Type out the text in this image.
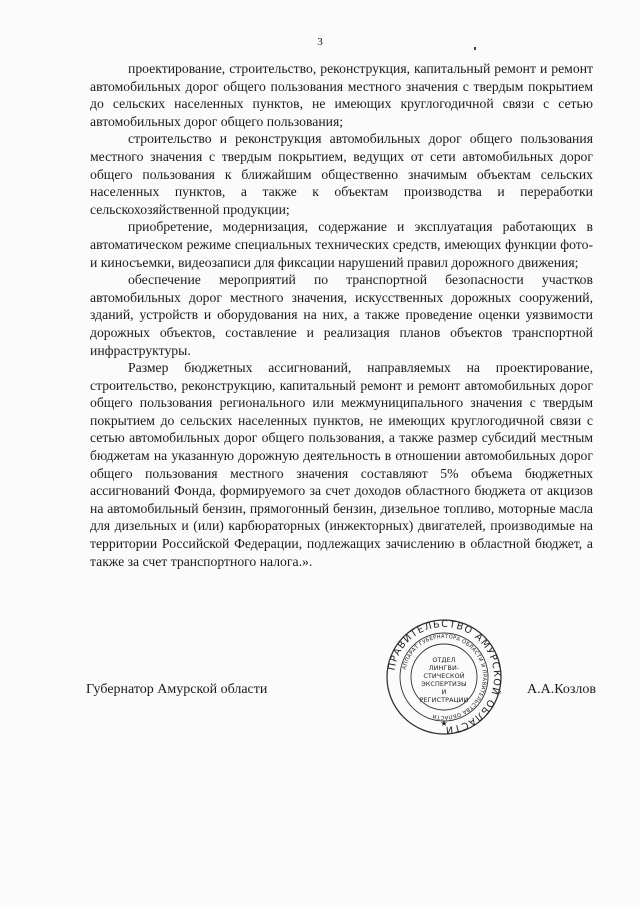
3

проектирование, строительство, реконструкция, капитальный ремонт и ремонт автомобильных дорог общего пользования местного значения с твердым покрытием до сельских населенных пунктов, не имеющих круглогодичной связи с сетью автомобильных дорог общего пользования;

строительство и реконструкция автомобильных дорог общего пользования местного значения с твердым покрытием, ведущих от сети автомобильных дорог общего пользования к ближайшим общественно значимым объектам сельских населенных пунктов, а также к объектам производства и переработки сельскохозяйственной продукции;

приобретение, модернизация, содержание и эксплуатация работающих в автоматическом режиме специальных технических средств, имеющих функции фото- и киносъемки, видеозаписи для фиксации нарушений правил дорожного движения;

обеспечение мероприятий по транспортной безопасности участков автомобильных дорог местного значения, искусственных дорожных сооружений, зданий, устройств и оборудования на них, а также проведение оценки уязвимости дорожных объектов, составление и реализация планов объектов транспортной инфраструктуры.

Размер бюджетных ассигнований, направляемых на проектирование, строительство, реконструкцию, капитальный ремонт и ремонт автомобильных дорог общего пользования регионального или межмуниципального значения с твердым покрытием до сельских населенных пунктов, не имеющих круглогодичной связи с сетью автомобильных дорог общего пользования, а также размер субсидий местным бюджетам на указанную дорожную деятельность в отношении автомобильных дорог общего пользования местного значения составляют 5% объема бюджетных ассигнований Фонда, формируемого за счет доходов областного бюджета от акцизов на автомобильный бензин, прямогонный бензин, дизельное топливо, моторные масла для дизельных и (или) карбюраторных (инжекторных) двигателей, производимые на территории Российской Федерации, подлежащих зачислению в областной бюджет, а также за счет транспортного налога.».

ПРАВИТЕЛЬСТВО АМУРСКОЙ ОБЛАСТИ
АППАРАТ ГУБЕРНАТОРА ОБЛАСТИ И ПРАВИТЕЛЬСТВА ОБЛАСТИ
★
ОТДЕЛ ЛИНГВИ- СТИЧЕСКОЙ ЭКСПЕРТИЗЫ И РЕГИСТРАЦИИ
Губернатор Амурской области	А.А.Козлов
